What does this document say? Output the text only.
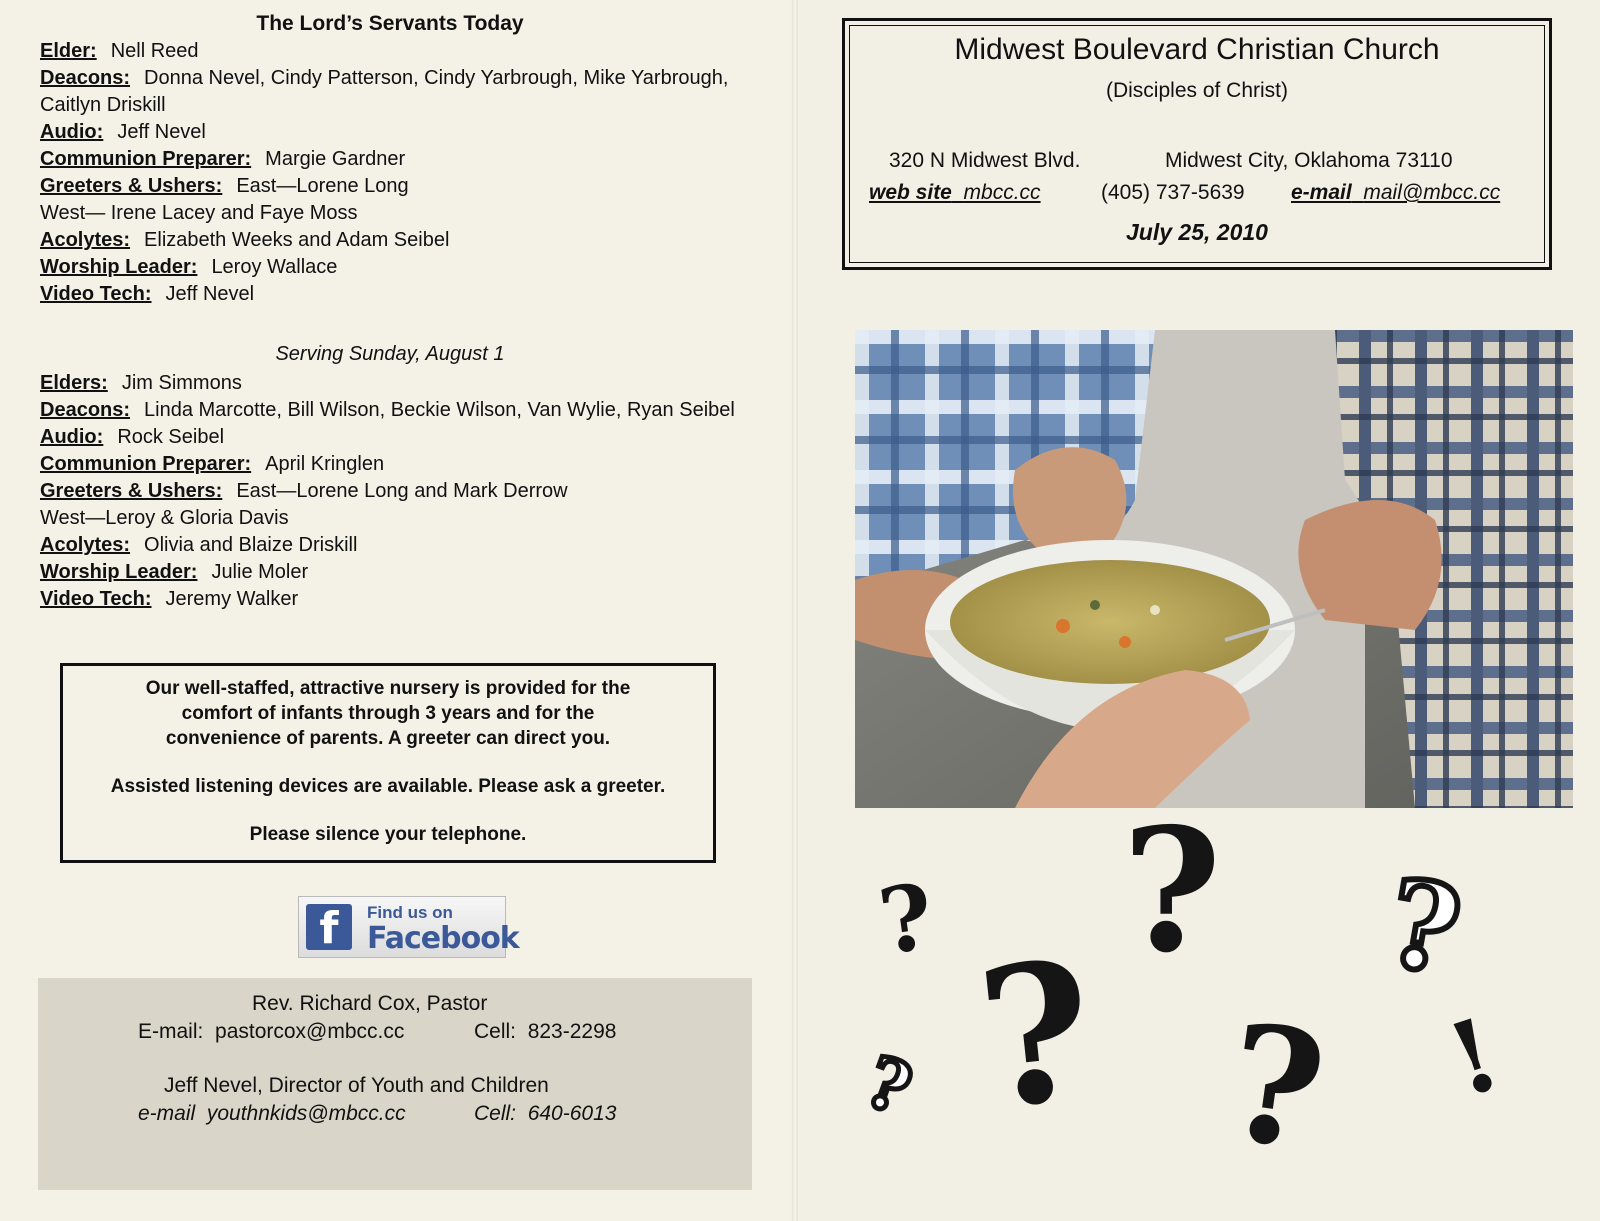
The Lord’s Servants Today
Elder: Nell Reed
Deacons: Donna Nevel, Cindy Patterson, Cindy Yarbrough, Mike Yarbrough, Caitlyn Driskill
Audio: Jeff Nevel
Communion Preparer: Margie Gardner
Greeters & Ushers: East—Lorene Long
West— Irene Lacey and Faye Moss
Acolytes: Elizabeth Weeks and Adam Seibel
Worship Leader: Leroy Wallace
Video Tech: Jeff Nevel
Serving Sunday, August 1
Elders: Jim Simmons
Deacons: Linda Marcotte, Bill Wilson, Beckie Wilson, Van Wylie, Ryan Seibel
Audio: Rock Seibel
Communion Preparer: April Kringlen
Greeters & Ushers: East—Lorene Long and Mark Derrow
West—Leroy & Gloria Davis
Acolytes: Olivia and Blaize Driskill
Worship Leader: Julie Moler
Video Tech: Jeremy Walker

Our well-staffed, attractive nursery is provided for the
comfort of infants through 3 years and for the
convenience of parents. A greeter can direct you.

Assisted listening devices are available. Please ask a greeter.

Please silence your telephone.

f	Find us on
Facebook
Rev. Richard Cox, Pastor
E-mail: pastorcox@mbcc.cc	Cell: 823-2298
Jeff Nevel, Director of Youth and Children
e-mail youthnkids@mbcc.cc	Cell: 640-6013
Midwest Boulevard Christian Church
(Disciples of Christ)
320 N Midwest Blvd.	Midwest City, Oklahoma 73110
web site mbcc.cc	(405) 737-5639 e-mail mail@mbcc.cc
July 25, 2010
?
?	?
? ?
?	!
